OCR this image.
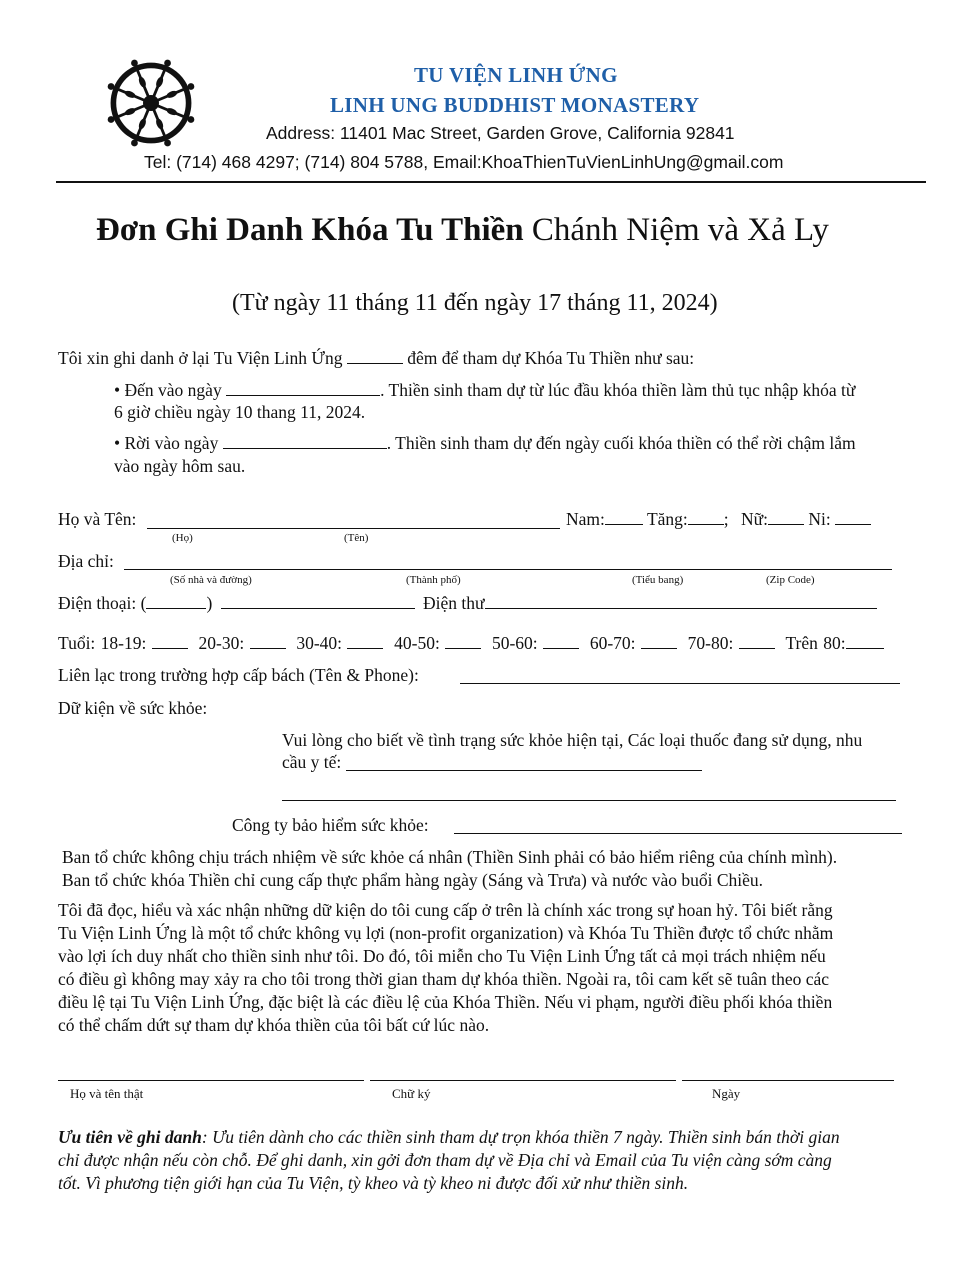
TU VIỆN LINH ỨNG
LINH UNG BUDDHIST MONASTERY
Address: 11401 Mac Street, Garden Grove, California 92841
Tel: (714) 468 4297; (714) 804 5788, Email:KhoaThienTuVienLinhUng@gmail.com
Đơn Ghi Danh Khóa Tu Thiền Chánh Niệm và Xả Ly
(Từ ngày 11 tháng 11 đến ngày 17 tháng 11, 2024)
Tôi xin ghi danh ở lại Tu Viện Linh Ứng	đêm để tham dự Khóa Tu Thiền như sau:
• Đến vào ngày	. Thiền sinh tham dự từ lúc đầu khóa thiền làm thủ tục nhập khóa từ
6 giờ chiều ngày 10 thang 11, 2024.
• Rời vào ngày	. Thiền sinh tham dự đến ngày cuối khóa thiền có thể rời chậm lắm
vào ngày hôm sau.
Họ và Tên:
(Họ)	(Tên)
Nam: Tăng: ; Nữ: Ni:
Địa chỉ:
(Số nhà và đường)	(Thành phố)	(Tiểu bang)	(Zip Code)
Điện thoại: (	)	Điện thư
Tuổi: 18-19:	20-30:	30-40:	40-50:	50-60:	60-70:	70-80:	Trên 80:
Liên lạc trong trường hợp cấp bách (Tên & Phone):
Dữ kiện về sức khỏe:
Vui lòng cho biết về tình trạng sức khỏe hiện tại, Các loại thuốc đang sử dụng, nhu
cầu y tế:
Công ty bảo hiểm sức khỏe:
Ban tổ chức không chịu trách nhiệm về sức khỏe cá nhân (Thiền Sinh phải có bảo hiểm riêng của chính mình).
Ban tổ chức khóa Thiền chỉ cung cấp thực phẩm hàng ngày (Sáng và Trưa) và nước vào buổi Chiều.
Tôi đã đọc, hiểu và xác nhận những dữ kiện do tôi cung cấp ở trên là chính xác trong sự hoan hỷ. Tôi biết rằng
Tu Viện Linh Ứng là một tổ chức không vụ lợi (non-profit organization) và Khóa Tu Thiền được tổ chức nhằm
vào lợi ích duy nhất cho thiền sinh như tôi. Do đó, tôi miễn cho Tu Viện Linh Ứng tất cả mọi trách nhiệm nếu
có điều gì không may xảy ra cho tôi trong thời gian tham dự khóa thiền. Ngoài ra, tôi cam kết sẽ tuân theo các
điều lệ tại Tu Viện Linh Ứng, đặc biệt là các điều lệ của Khóa Thiền. Nếu vi phạm, người điều phối khóa thiền
có thể chấm dứt sự tham dự khóa thiền của tôi bất cứ lúc nào.
Họ và tên thật	Chữ ký	Ngày
Ưu tiên về ghi danh: Ưu tiên dành cho các thiền sinh tham dự trọn khóa thiền 7 ngày. Thiền sinh bán thời gian
chỉ được nhận nếu còn chỗ. Để ghi danh, xin gởi đơn tham dự về Địa chỉ và Email của Tu viện càng sớm càng
tốt. Vì phương tiện giới hạn của Tu Viện, tỳ kheo và tỳ kheo ni được đối xử như thiền sinh.
